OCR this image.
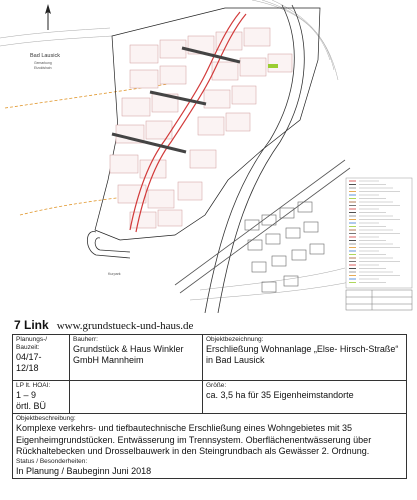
Bad Lausick
Gemarkung
Etzoldshain
Kurpark
7 Link www.grundstueck-und-haus.de
Planungs-/ Bauzeit:
04/17-
12/18	Bauherr:
Grundstück & Haus Winkler GmbH Mannheim	Objektbezeichnung:
Erschließung Wohnanlage „Else- Hirsch-Straße“ in Bad Lausick

LP lt. HOAI:
1 – 9
örtl. BÜ		Größe:
ca. 3,5 ha für 35 Eigenheimstandorte

Objektbeschreibung:
Komplexe verkehrs- und tiefbautechnische Erschließung eines Wohngebietes mit 35 Eigenheimgrundstücken. Entwässerung im Trennsystem. Oberflächenentwässerung über Rückhaltebecken und Drosselbauwerk in den Steingrundbach als Gewässer 2. Ordnung.
Status / Besonderheiten:
In Planung / Baubeginn Juni 2018		
